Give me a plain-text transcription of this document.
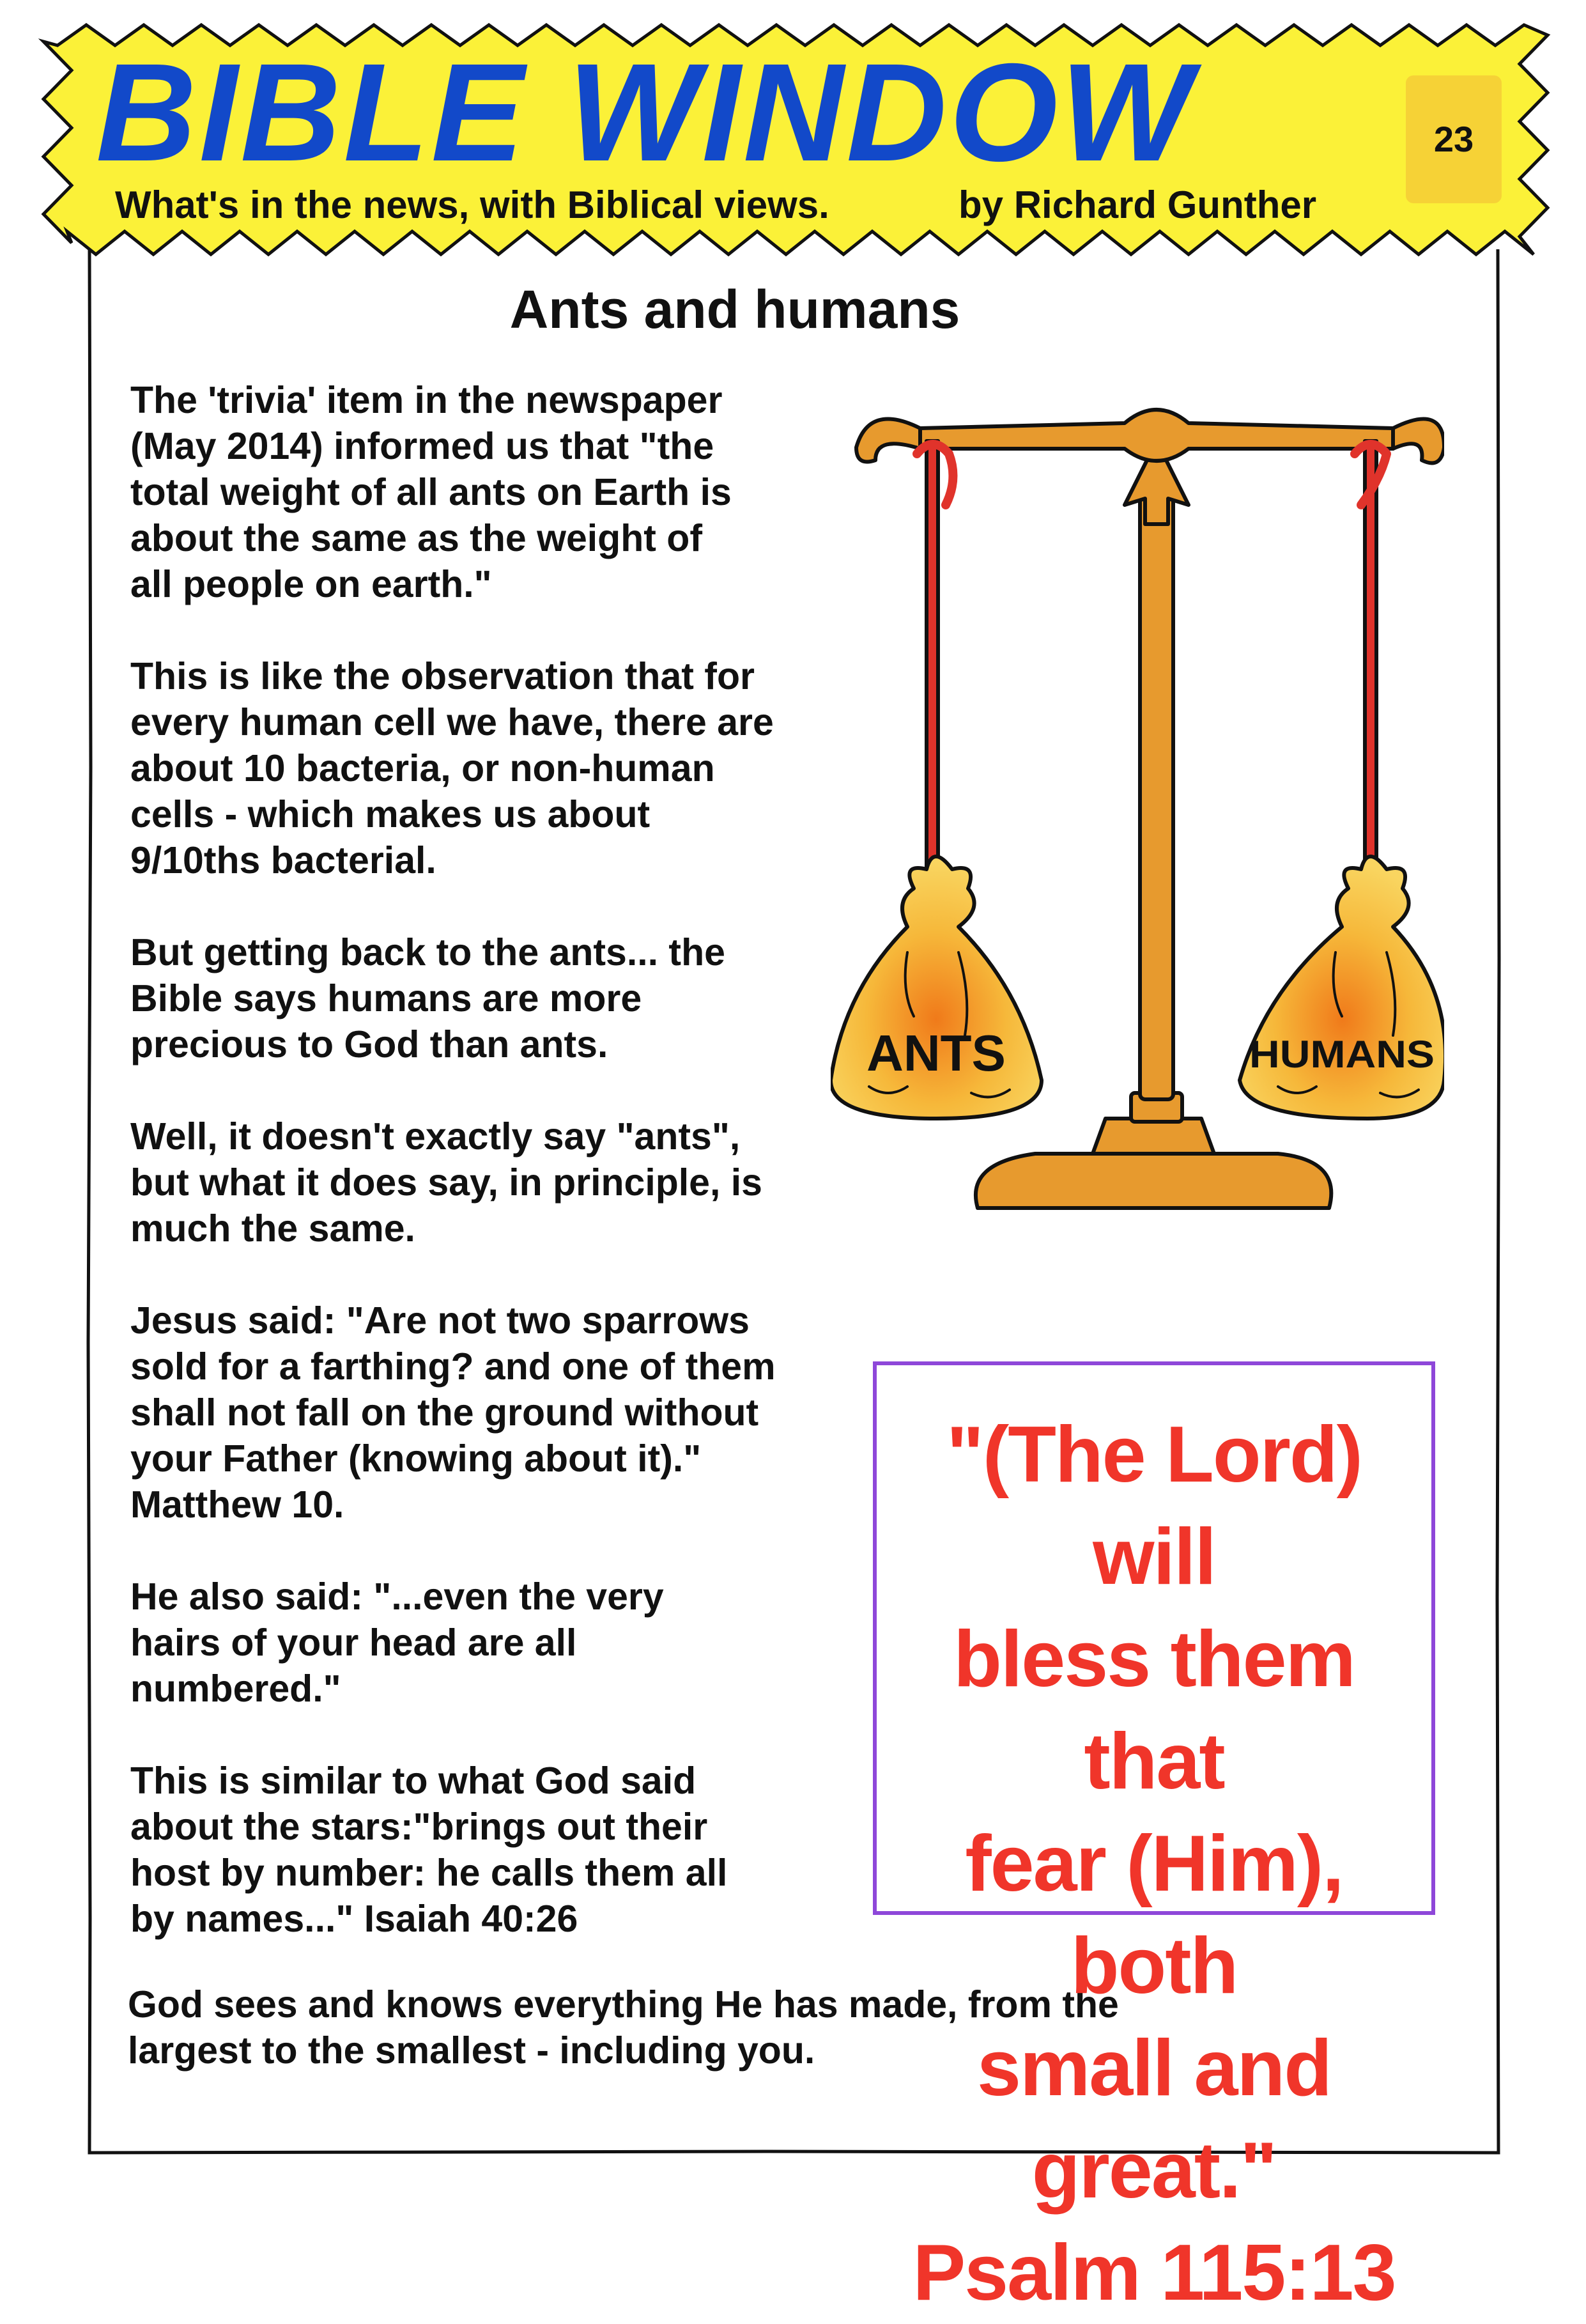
BIBLE WINDOW
What's in the news, with Biblical views.	by Richard Gunther
23
Ants and humans
The 'trivia' item in the newspaper
(May 2014) informed us that "the
total weight of all ants on Earth is
about the same as the weight of
all people on earth."
This is like the observation that for
every human cell we have, there are
about 10 bacteria, or non-human
cells - which makes us about
9/10ths bacterial.
But getting back to the ants... the
Bible says humans are more
precious to God than ants.
Well, it doesn't exactly say "ants",
but what it does say, in principle, is
much the same.
Jesus said: "Are not two sparrows
sold for a farthing? and one of them
shall not fall on the ground without
your Father (knowing about it)."
Matthew 10.
He also said: "...even the very
hairs of your head are all
numbered."
This is similar to what God said
about the stars:"brings out their
host by number: he calls them all
by names..." Isaiah 40:26
God sees and knows everything He has made, from the
largest to the smallest - including you.
ANTS	HUMANS
"(The Lord) will
bless them that
fear (Him), both
small and great."
Psalm 115:13
